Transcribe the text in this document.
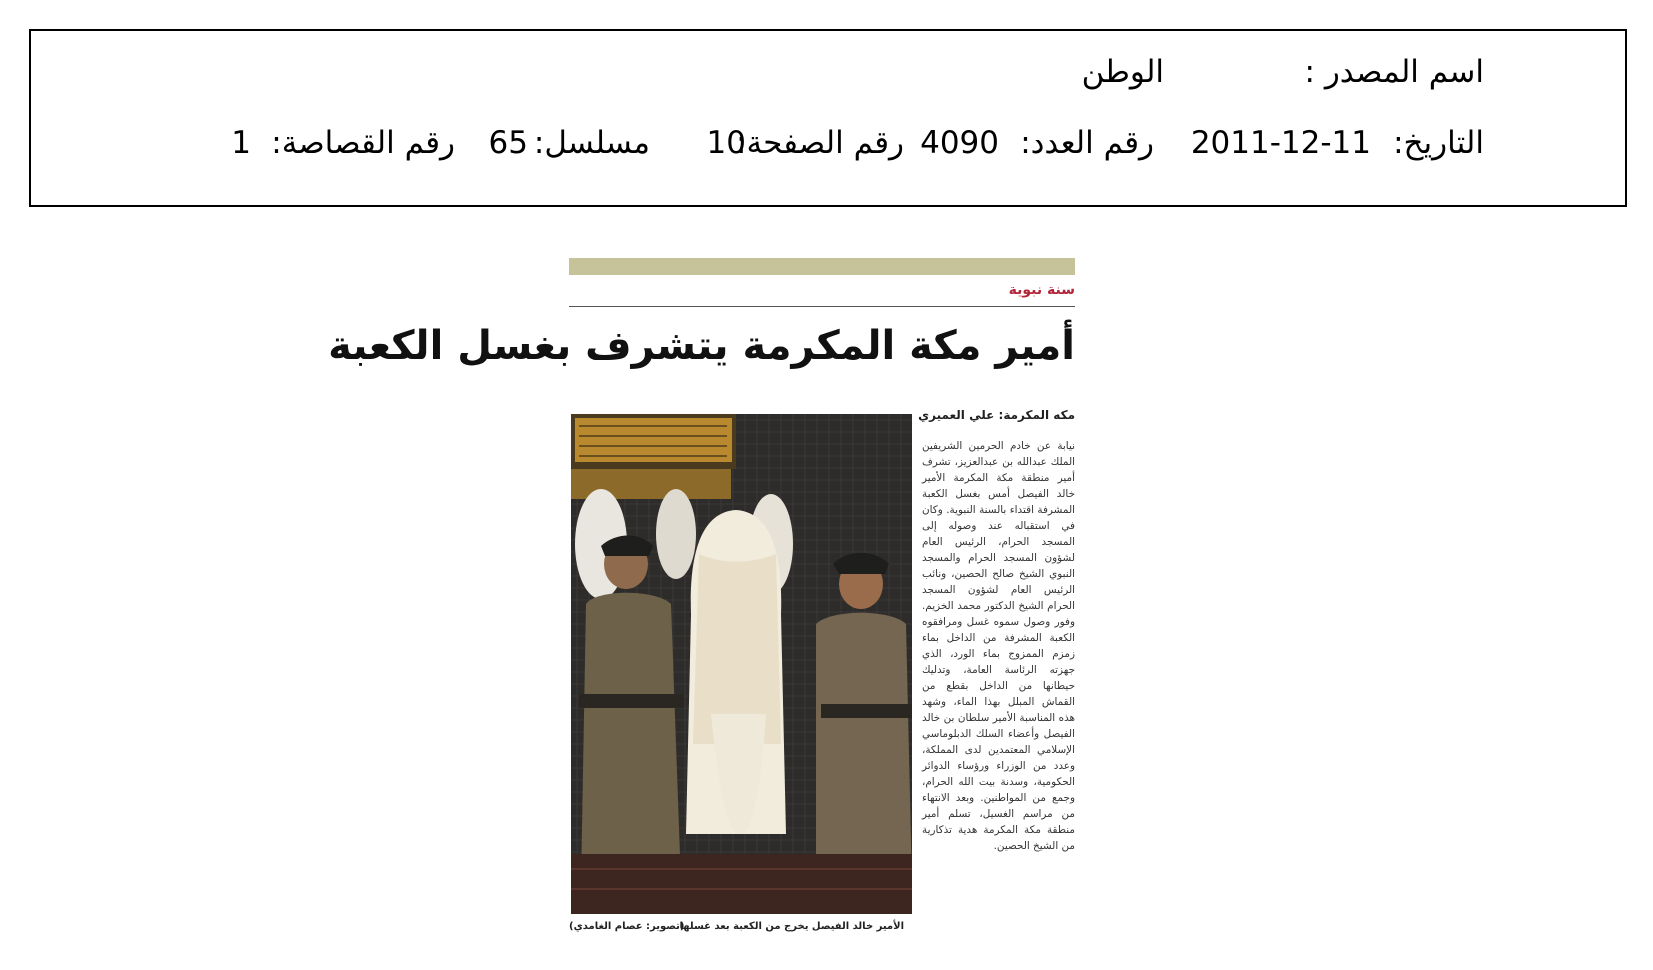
اسم المصدر :
الوطن
التاريخ:
2011-12-11
رقم العدد:
4090
رقم الصفحة:
10
مسلسل:
65
رقم القصاصة:
1
سنة نبوية
أمير مكة المكرمة يتشرف بغسل الكعبة
مكه المكرمة: علي العميري
نيابة عن خادم الحرمين الشريفين الملك عبدالله بن عبدالعزيز، تشرف أمير منطقة مكة المكرمة الأمير خالد الفيصل أمس بغسل الكعبة المشرفة اقتداء بالسنة النبوية. وكان في استقباله عند وصوله إلى المسجد الحرام، الرئيس العام لشؤون المسجد الحرام والمسجد النبوي الشيخ صالح الحصين، ونائب الرئيس العام لشؤون المسجد الحرام الشيخ الدكتور محمد الخزيم. وفور وصول سموه غسل ومرافقوه الكعبة المشرفة من الداخل بماء زمزم الممزوج بماء الورد، الذي جهزته الرئاسة العامة، وتدليك حيطانها من الداخل بقطع من القماش المبلل بهذا الماء، وشهد هذه المناسبة الأمير سلطان بن خالد الفيصل وأعضاء السلك الدبلوماسي الإسلامي المعتمدين لدى المملكة، وعدد من الوزراء ورؤساء الدوائر الحكومية، وسدنة بيت الله الحرام، وجمع من المواطنين. وبعد الانتهاء من مراسم الغسيل، تسلم أمير منطقة مكة المكرمة هدية تذكارية من الشيخ الحصين.
الأمير خالد الفيصل يخرج من الكعبة بعد غسلها
(تصوير: عصام الغامدي)
